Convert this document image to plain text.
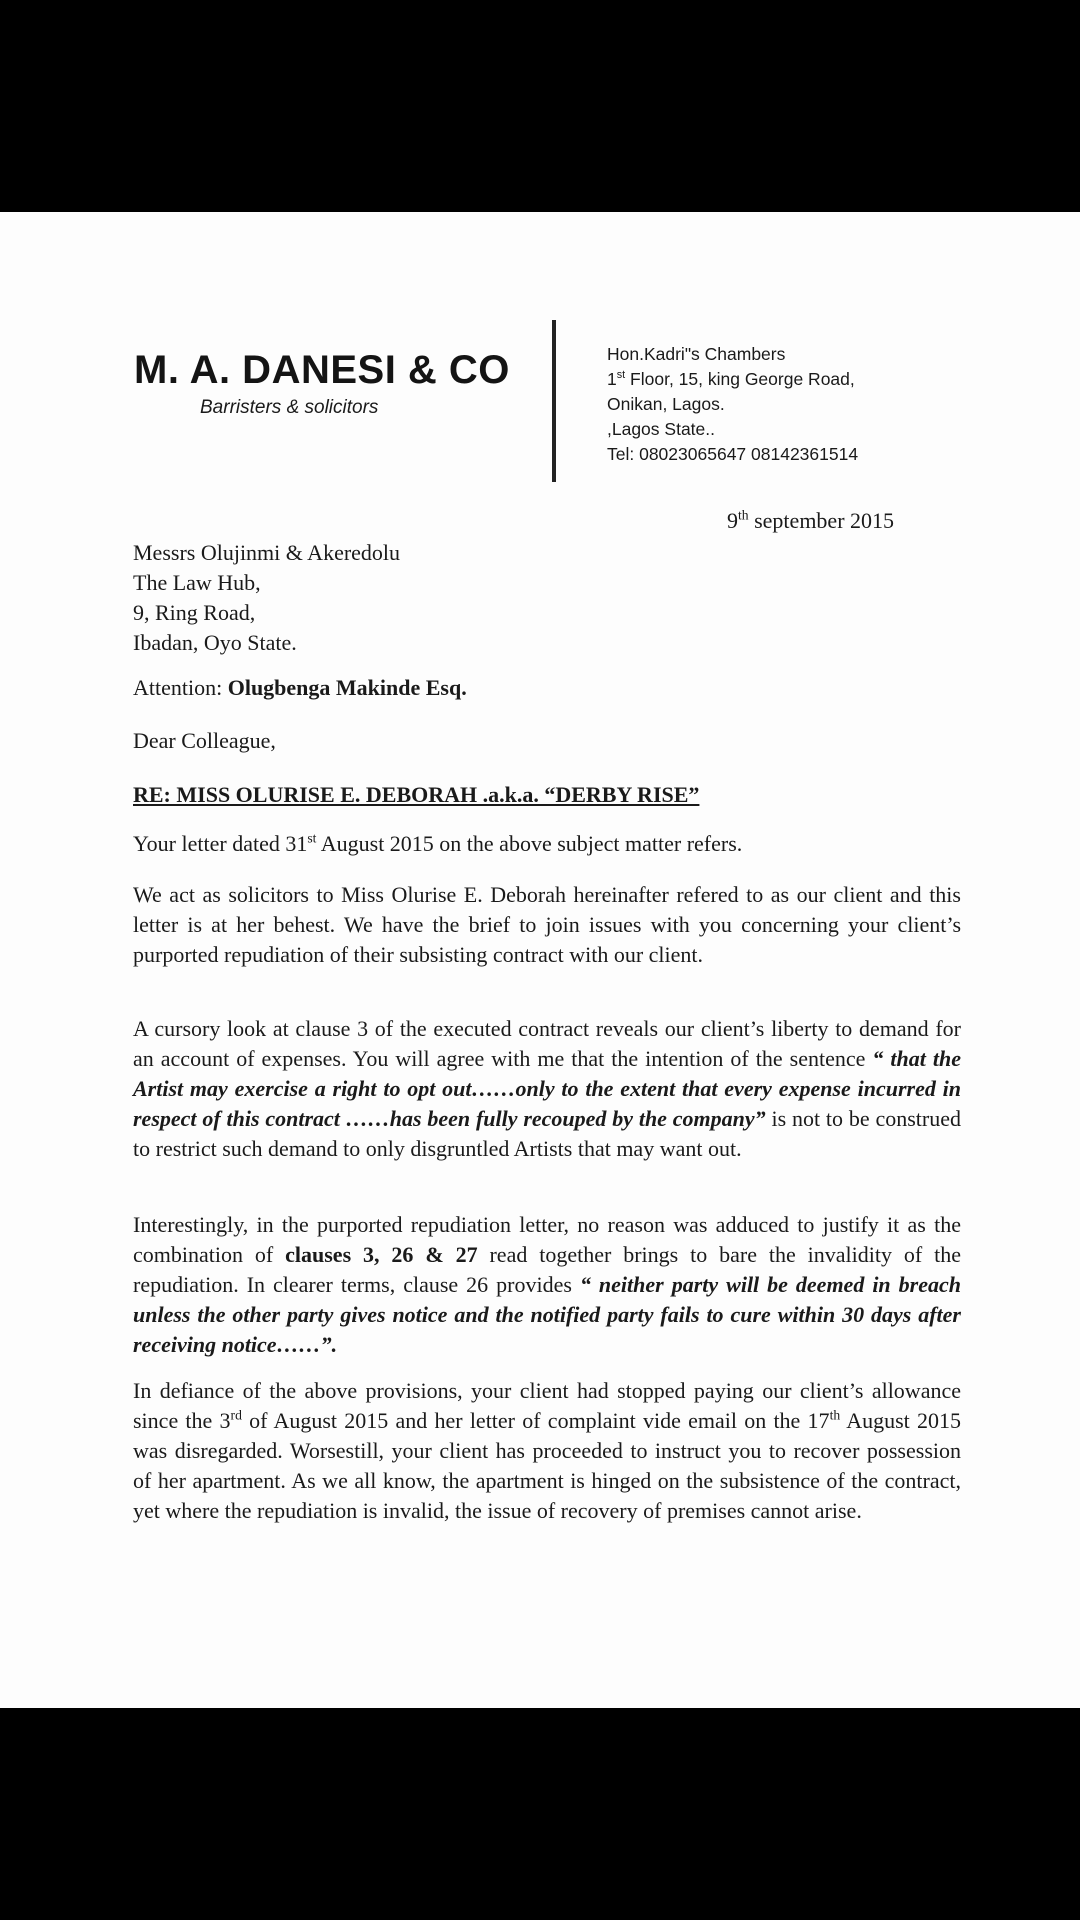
M. A. DANESI & CO
Barristers & solicitors
Hon.Kadri"s Chambers
1st Floor, 15, king George Road,
Onikan, Lagos.
,Lagos State..
Tel: 08023065647 08142361514
9th september 2015
Messrs Olujinmi & Akeredolu
The Law Hub,
9, Ring Road,
Ibadan, Oyo State.
Attention: Olugbenga Makinde Esq.
Dear Colleague,
RE: MISS OLURISE E. DEBORAH .a.k.a. “DERBY RISE”
Your letter dated 31st August 2015 on the above subject matter refers.
We act as solicitors to Miss Olurise E. Deborah hereinafter refered to as our client and this letter is at her behest. We have the brief to join issues with you concerning your client’s purported repudiation of their subsisting contract with our client.
A cursory look at clause 3 of the executed contract reveals our client’s liberty to demand for an account of expenses. You will agree with me that the intention of the sentence “ that the Artist may exercise a right to opt out……only to the extent that every expense incurred in respect of this contract ……has been fully recouped by the company” is not to be construed to restrict such demand to only disgruntled Artists that may want out.
Interestingly, in the purported repudiation letter, no reason was adduced to justify it as the combination of clauses 3, 26 & 27 read together brings to bare the invalidity of the repudiation. In clearer terms, clause 26 provides “ neither party will be deemed in breach unless the other party gives notice and the notified party fails to cure within 30 days after receiving notice……”.
In defiance of the above provisions, your client had stopped paying our client’s allowance since the 3rd of August 2015 and her letter of complaint vide email on the 17th August 2015 was disregarded. Worsestill, your client has proceeded to instruct you to recover possession of her apartment. As we all know, the apartment is hinged on the subsistence of the contract, yet where the repudiation is invalid, the issue of recovery of premises cannot arise.
